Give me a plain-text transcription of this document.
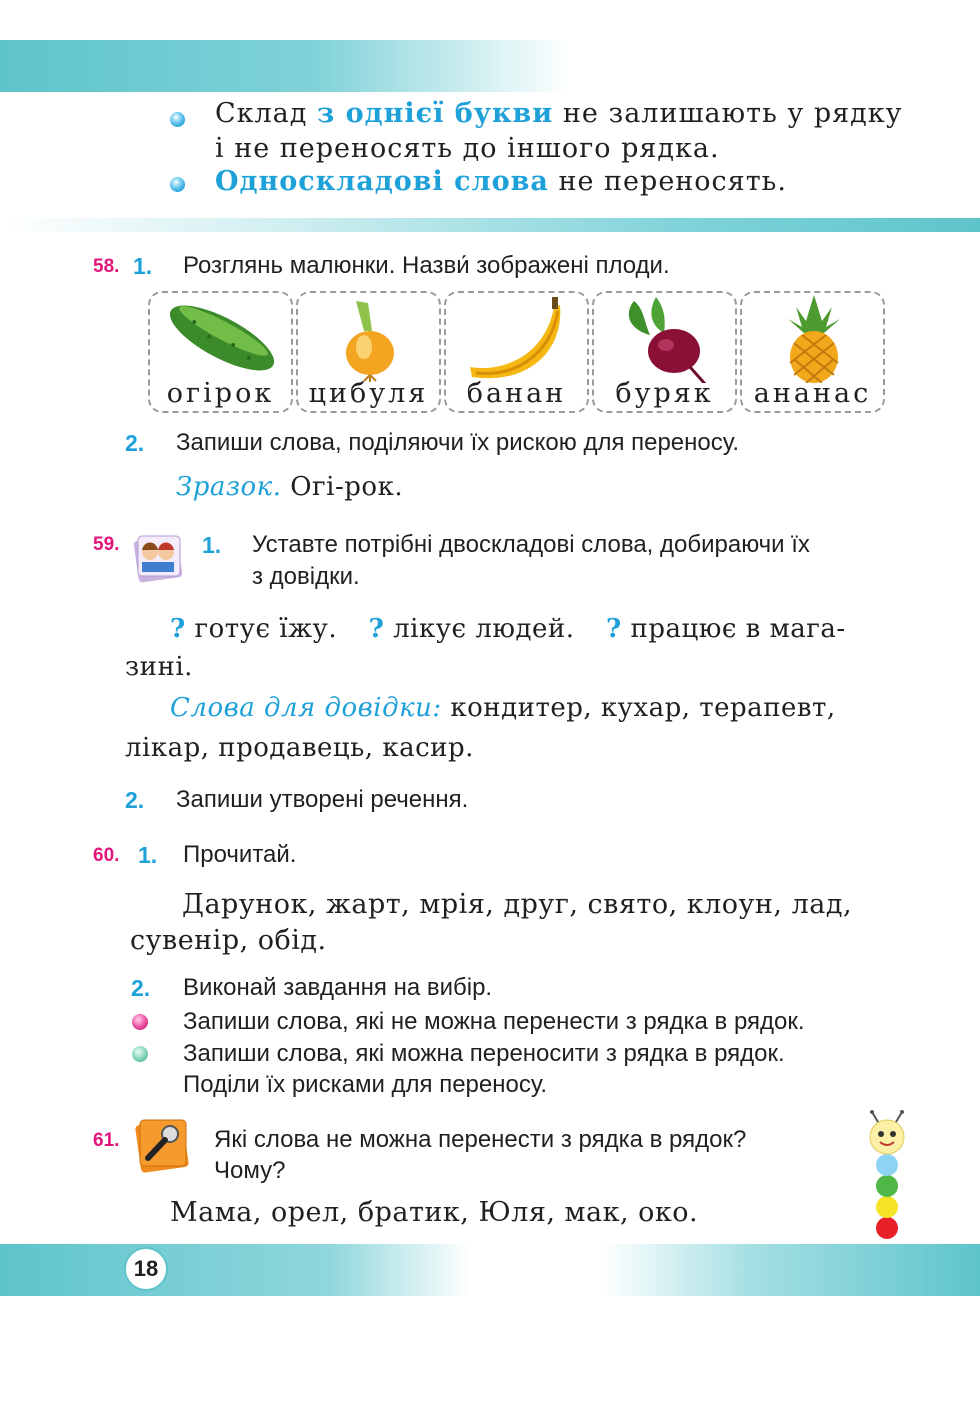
Склад з однієї букви не залишають у рядку
і не переносять до іншого рядка.
Односкладові слова не переносять.
58. 1. Розглянь малюнки. Назви́ зображені плоди.
огірок	цибуля	банан	буряк	ананас
2. Запиши слова, поділяючи їх рискою для переносу.
Зразок. Огі-рок.
59.	1. Уставте потрібні двоскладові слова, добираючи їх
з довідки.
? готує їжу. ? лікує людей. ? працює в мага-
зині.
Слова для довідки: кондитер, кухар, терапевт,
лікар, продавець, касир.
2. Запиши утворені речення.
60. 1. Прочитай.
Дарунок, жарт, мрія, друг, свято, клоун, лад,
сувенір, обід.
2. Виконай завдання на вибір.
Запиши слова, які не можна перенести з рядка в рядок.
Запиши слова, які можна переносити з рядка в рядок.
Поділи їх рисками для переносу.
61.	Які слова не можна перенести з рядка в рядок?
Чому?
Мама, орел, братик, Юля, мак, око.
18
